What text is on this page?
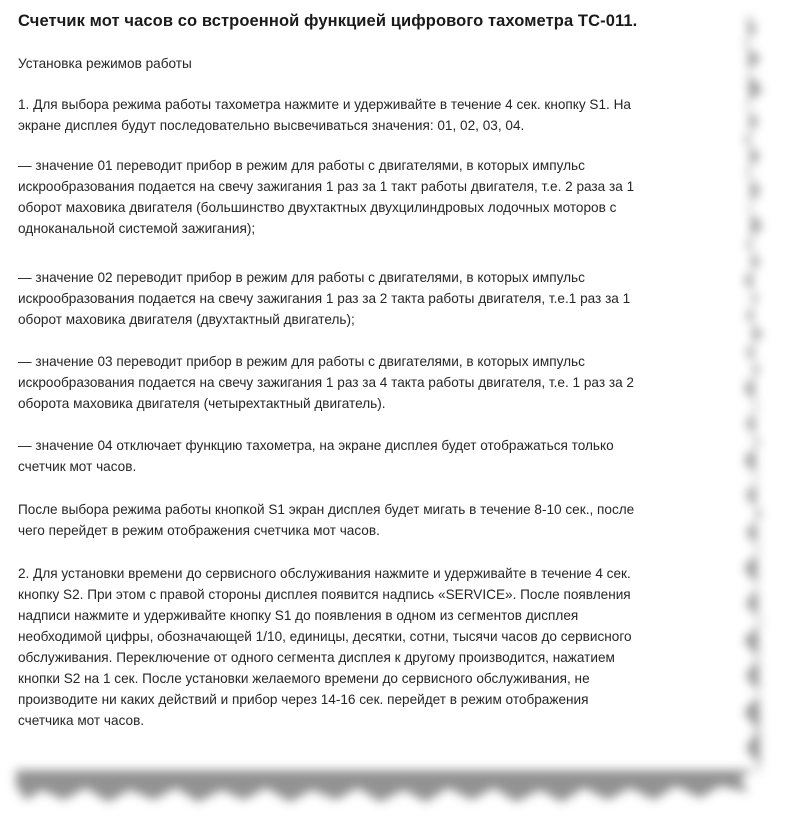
Счетчик мот часов со встроенной функцией цифрового тахометра ТС-011.
Установка режимов работы
1. Для выбора режима работы тахометра нажмите и удерживайте в течение 4 сек. кнопку S1. На
экране дисплея будут последовательно высвечиваться значения: 01, 02, 03, 04.
— значение 01 переводит прибор в режим для работы с двигателями, в которых импульс
искрообразования подается на свечу зажигания 1 раз за 1 такт работы двигателя, т.е. 2 раза за 1
оборот маховика двигателя (большинство двухтактных двухцилиндровых лодочных моторов с
одноканальной системой зажигания);
— значение 02 переводит прибор в режим для работы с двигателями, в которых импульс
искрообразования подается на свечу зажигания 1 раз за 2 такта работы двигателя, т.е.1 раз за 1
оборот маховика двигателя (двухтактный двигатель);
— значение 03 переводит прибор в режим для работы с двигателями, в которых импульс
искрообразования подается на свечу зажигания 1 раз за 4 такта работы двигателя, т.е. 1 раз за 2
оборота маховика двигателя (четырехтактный двигатель).
— значение 04 отключает функцию тахометра, на экране дисплея будет отображаться только
счетчик мот часов.
После выбора режима работы кнопкой S1 экран дисплея будет мигать в течение 8-10 сек., после
чего перейдет в режим отображения счетчика мот часов.
2. Для установки времени до сервисного обслуживания нажмите и удерживайте в течение 4 сек.
кнопку S2. При этом с правой стороны дисплея появится надпись «SERVICE». После появления
надписи нажмите и удерживайте кнопку S1 до появления в одном из сегментов дисплея
необходимой цифры, обозначающей 1/10, единицы, десятки, сотни, тысячи часов до сервисного
обслуживания. Переключение от одного сегмента дисплея к другому производится, нажатием
кнопки S2 на 1 сек. После установки желаемого времени до сервисного обслуживания, не
производите ни каких действий и прибор через 14-16 сек. перейдет в режим отображения
счетчика мот часов.
